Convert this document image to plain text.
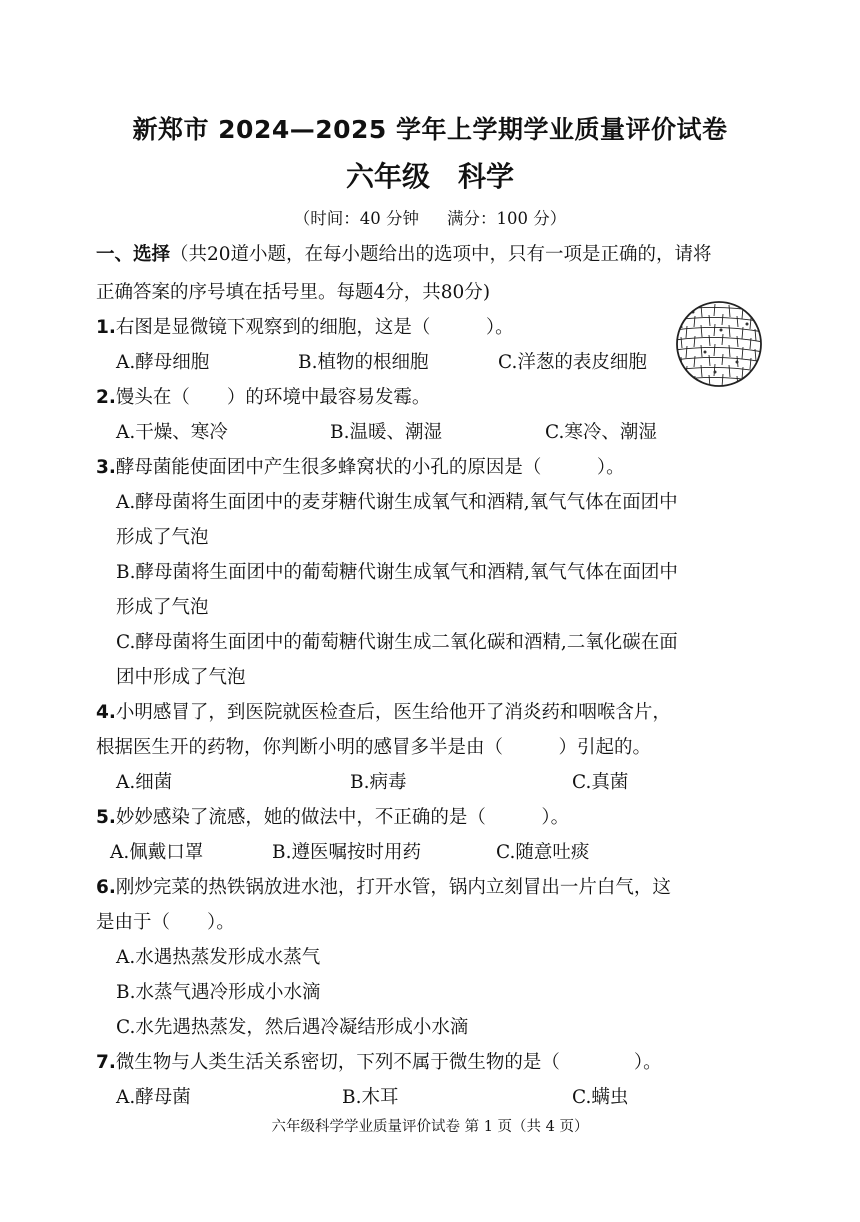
新郑市 2024—2025 学年上学期学业质量评价试卷
六年级 科学
（时间：40 分钟 满分：100 分）
一、选择（共20道小题，在每小题给出的选项中，只有一项是正确的，请将
正确答案的序号填在括号里。每题4分，共80分)
1.右图是显微镜下观察到的细胞，这是（　　　）。
A.酵母细胞	B.植物的根细胞	C.洋葱的表皮细胞
2.馒头在（　　）的环境中最容易发霉。
A.干燥、寒冷	B.温暖、潮湿	C.寒冷、潮湿
3.酵母菌能使面团中产生很多蜂窝状的小孔的原因是（　　　）。
A.酵母菌将生面团中的麦芽糖代谢生成氧气和酒精,氧气气体在面团中
形成了气泡
B.酵母菌将生面团中的葡萄糖代谢生成氧气和酒精,氧气气体在面团中
形成了气泡
C.酵母菌将生面团中的葡萄糖代谢生成二氧化碳和酒精,二氧化碳在面
团中形成了气泡
4.小明感冒了，到医院就医检查后，医生给他开了消炎药和咽喉含片，
根据医生开的药物，你判断小明的感冒多半是由（　　　）引起的。
A.细菌	B.病毒	C.真菌
5.妙妙感染了流感，她的做法中，不正确的是（　　　）。
A.佩戴口罩	B.遵医嘱按时用药	C.随意吐痰
6.刚炒完菜的热铁锅放进水池，打开水管，锅内立刻冒出一片白气，这
是由于（　　）。
A.水遇热蒸发形成水蒸气
B.水蒸气遇冷形成小水滴
C.水先遇热蒸发，然后遇冷凝结形成小水滴
7.微生物与人类生活关系密切，下列不属于微生物的是（　　　　）。
A.酵母菌	B.木耳	C.螨虫
六年级科学学业质量评价试卷 第 1 页（共 4 页）
